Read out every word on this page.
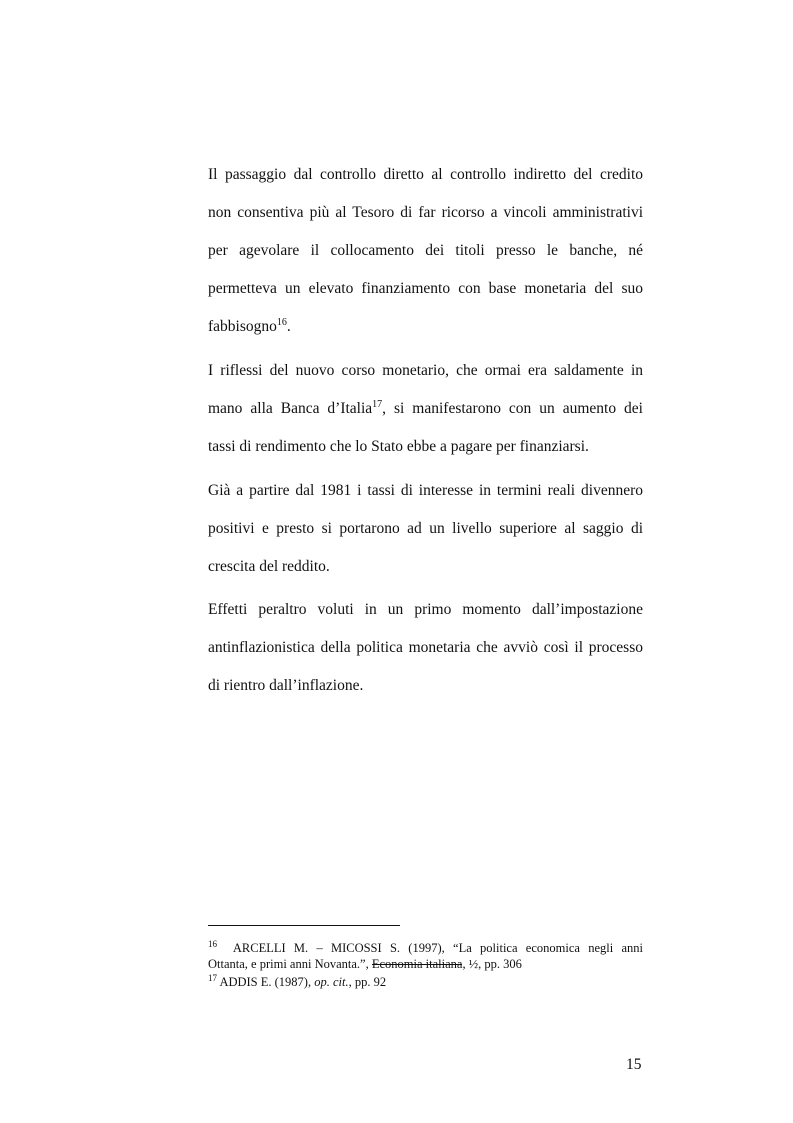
Il passaggio dal controllo diretto al controllo indiretto del credito
non consentiva più al Tesoro di far ricorso a vincoli amministrativi
per agevolare il collocamento dei titoli presso le banche, né
permetteva un elevato finanziamento con base monetaria del suo
fabbisogno$^{16}$.
I riflessi del nuovo corso monetario, che ormai era saldamente in
mano alla Banca d’Italia$^{17}$, si manifestarono con un aumento dei
tassi di rendimento che lo Stato ebbe a pagare per finanziarsi.
Già a partire dal 1981 i tassi di interesse in termini reali divennero
positivi e presto si portarono ad un livello superiore al saggio di
crescita del reddito.
Effetti peraltro voluti in un primo momento dall’impostazione
antinflazionistica della politica monetaria che avviò così il processo
di rientro dall’inflazione.
$^{16}$ ARCELLI M. – MICOSSI S. (1997), “La politica economica negli anni
Ottanta, e primi anni Novanta.”, Economia italiana, ½, pp. 306
$^{17}$ ADDIS E. (1987), op. cit., pp. 92
15
